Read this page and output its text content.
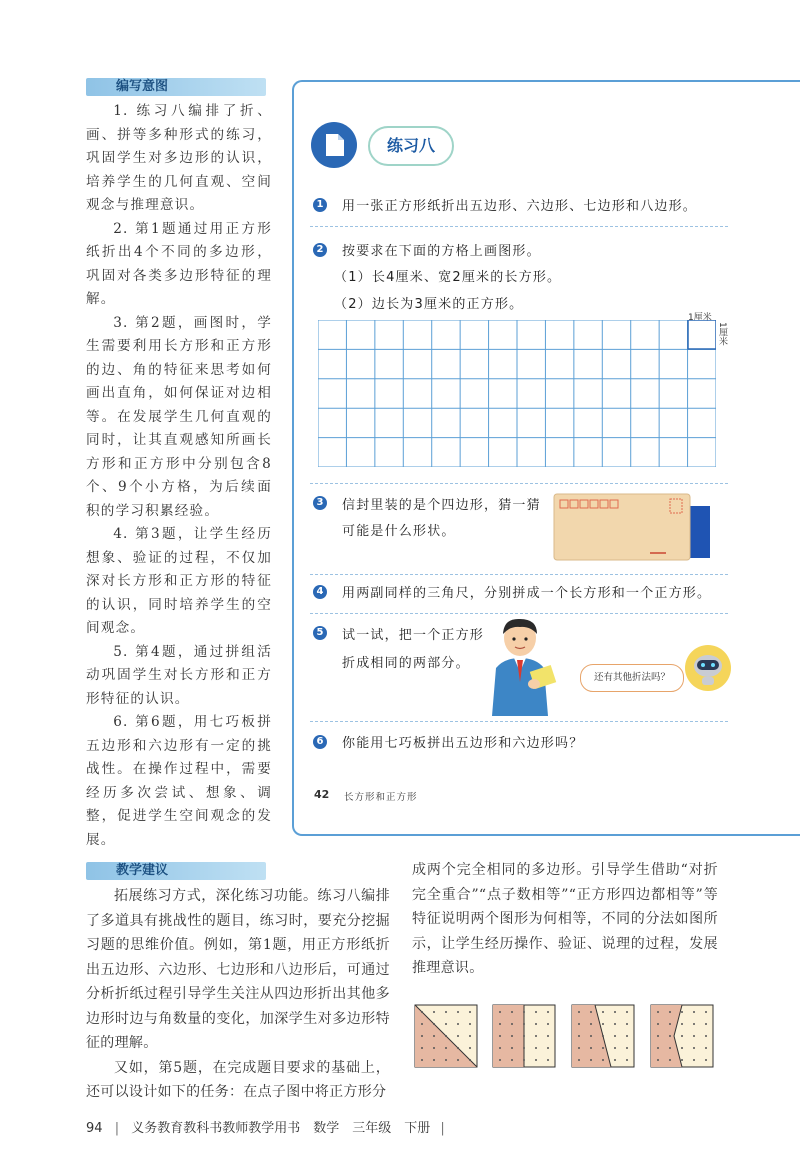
编写意图

1. 练习八编排了折、画、拼等多种形式的练习，巩固学生对多边形的认识，培养学生的几何直观、空间观念与推理意识。

2. 第1题通过用正方形纸折出4个不同的多边形，巩固对各类多边形特征的理解。

3. 第2题，画图时，学生需要利用长方形和正方形的边、角的特征来思考如何画出直角，如何保证对边相等。在发展学生几何直观的同时，让其直观感知所画长方形和正方形中分别包含8个、9个小方格，为后续面积的学习积累经验。

4. 第3题，让学生经历想象、验证的过程，不仅加深对长方形和正方形的特征的认识，同时培养学生的空间观念。

5. 第4题，通过拼组活动巩固学生对长方形和正方形特征的认识。

6. 第6题，用七巧板拼五边形和六边形有一定的挑战性。在操作过程中，需要经历多次尝试、想象、调整，促进学生空间观念的发展。

练习八
1 用一张正方形纸折出五边形、六边形、七边形和八边形。
2 按要求在下面的方格上画图形。
（1）长4厘米、宽2厘米的长方形。
（2）边长为3厘米的正方形。
1厘米
1厘米
3 信封里装的是个四边形，猜一猜
可能是什么形状。
4 用两副同样的三角尺，分别拼成一个长方形和一个正方形。
5 试一试，把一个正方形
折成相同的两部分。
还有其他折法吗？
6 你能用七巧板拼出五边形和六边形吗？
42 长方形和正方形
教学建议

拓展练习方式，深化练习功能。练习八编排了多道具有挑战性的题目，练习时，要充分挖掘习题的思维价值。例如，第1题，用正方形纸折出五边形、六边形、七边形和八边形后，可通过分析折纸过程引导学生关注从四边形折出其他多边形时边与角数量的变化，加深学生对多边形特征的理解。

又如，第5题，在完成题目要求的基础上，还可以设计如下的任务：在点子图中将正方形分

成两个完全相同的多边形。引导学生借助“对折完全重合”“点子数相等”“正方形四边都相等”等特征说明两个图形为何相等，不同的分法如图所示，让学生经历操作、验证、说理的过程，发展推理意识。

94 | 义务教育教科书教师教学用书　数学　三年级　下册 |
